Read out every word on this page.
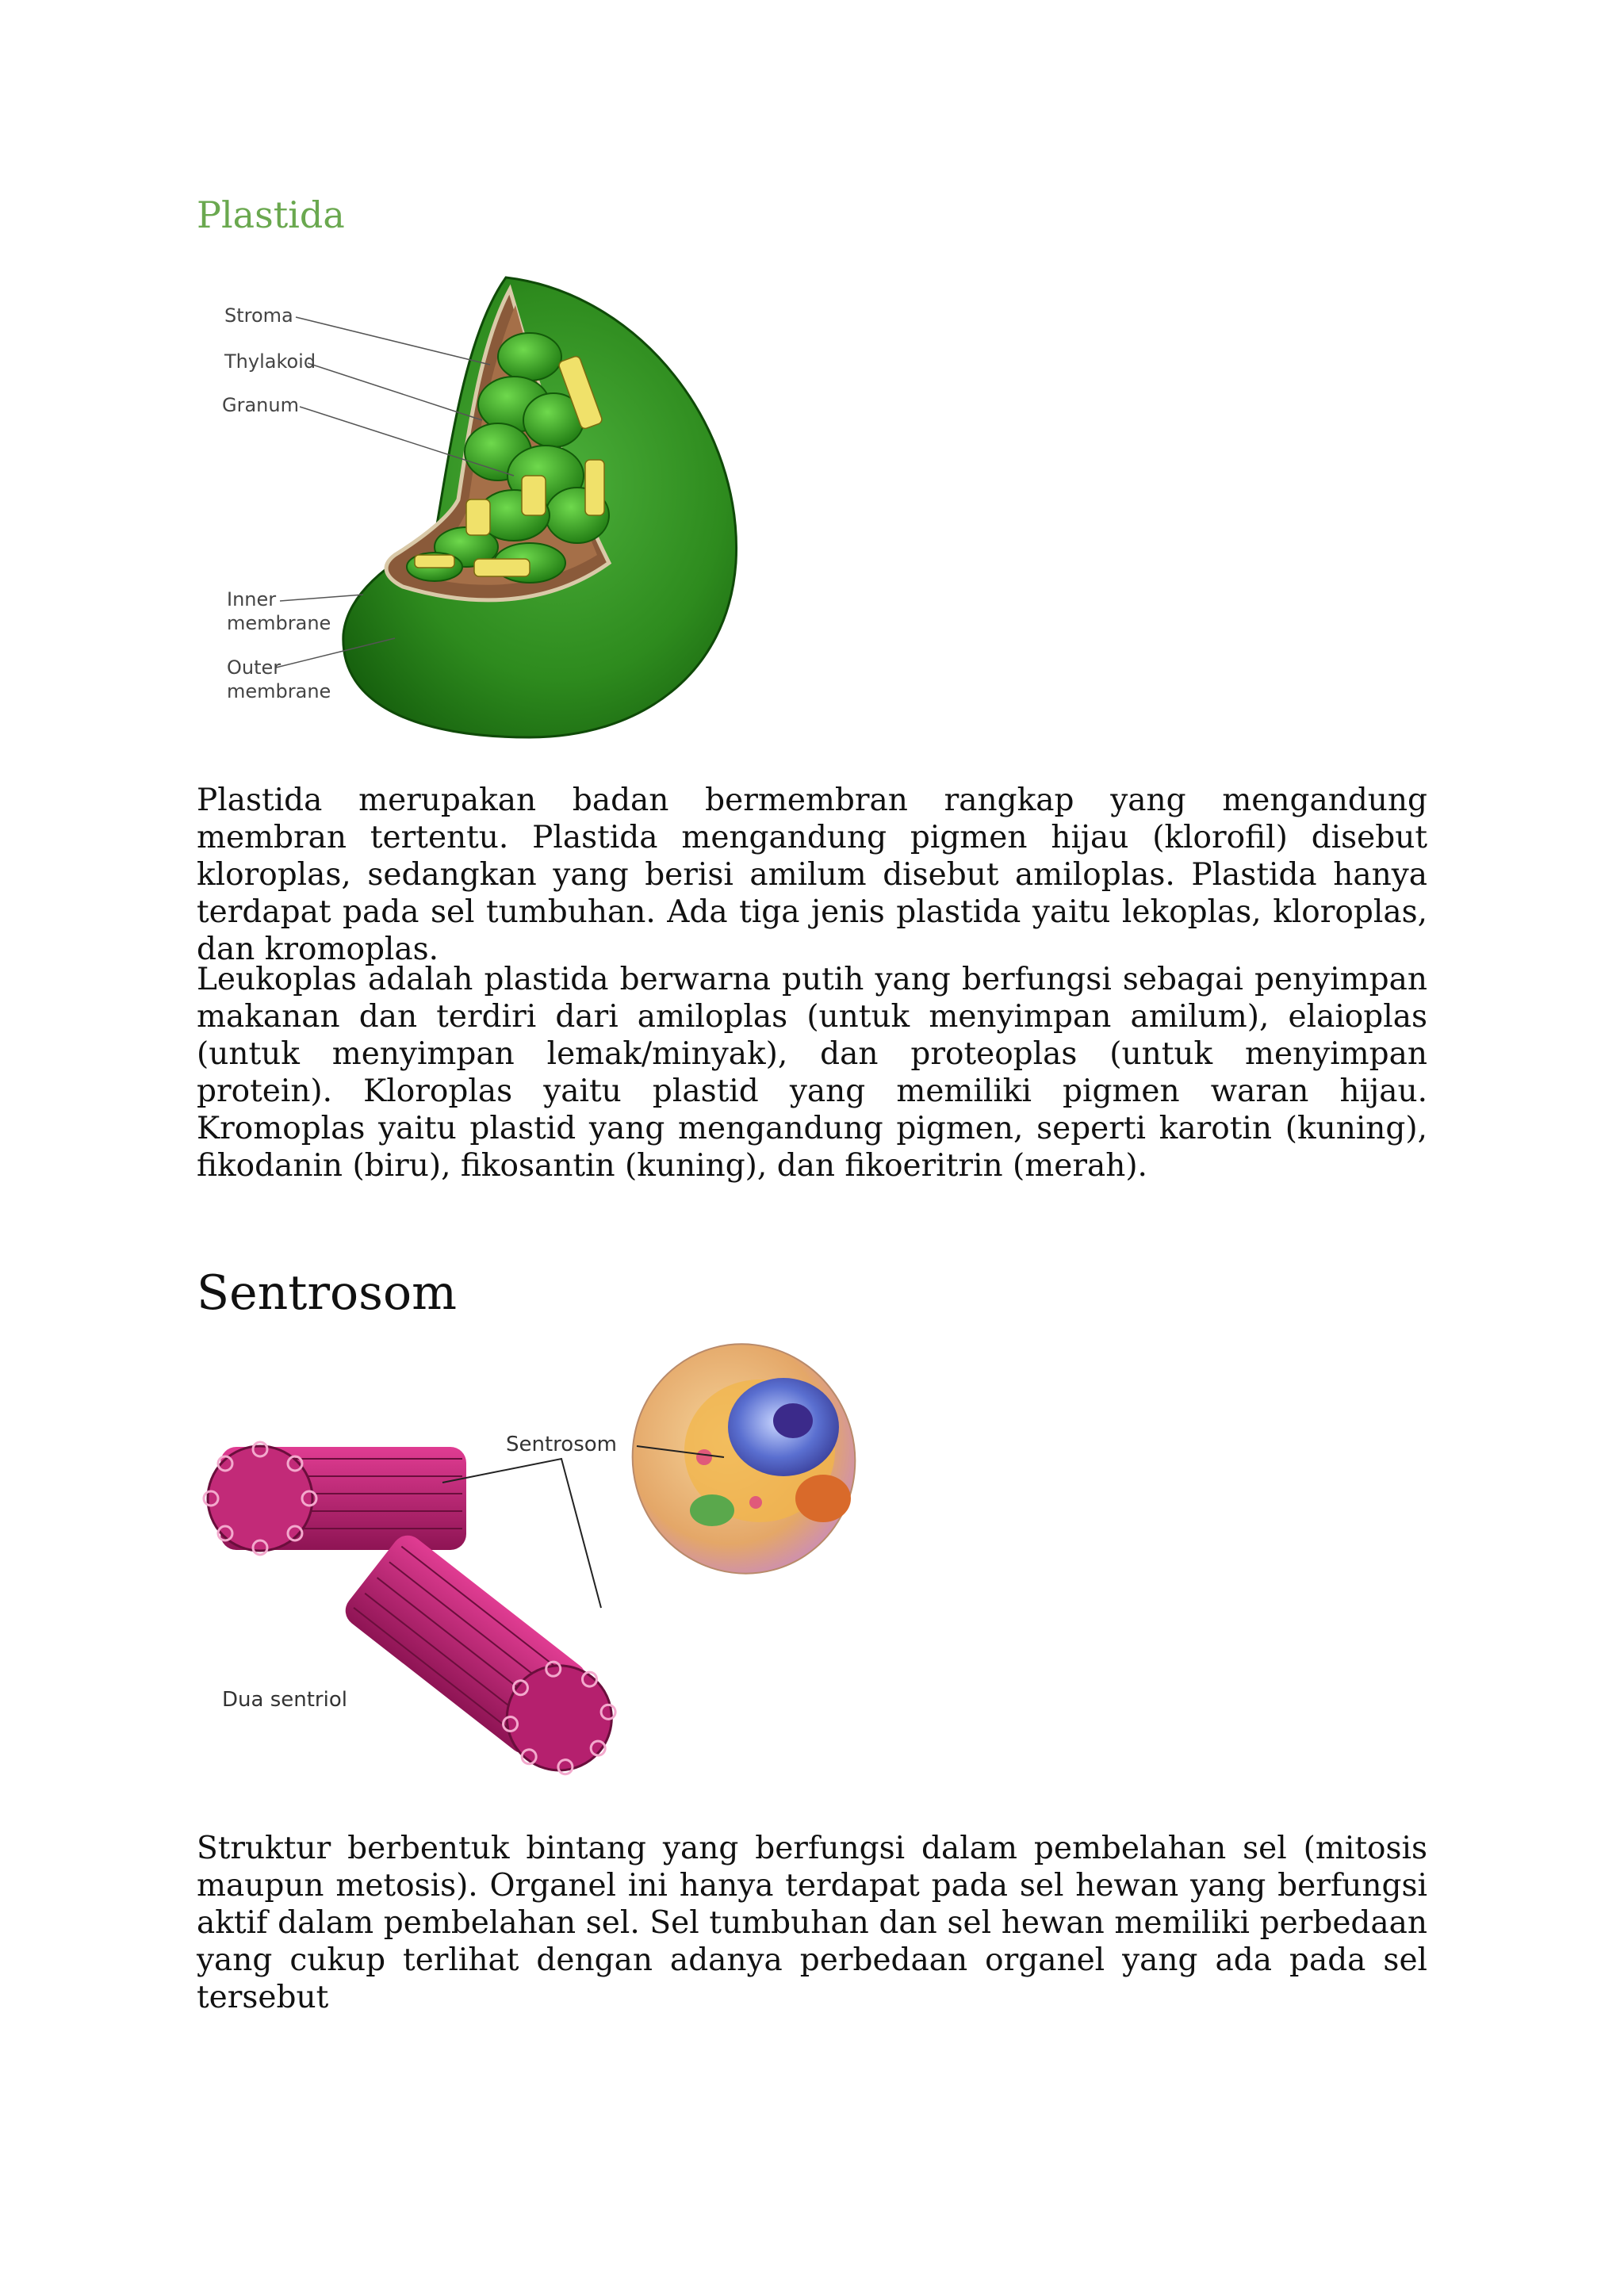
Plastida
Stroma
Thylakoid
Granum
Inner
membrane
Outer
membrane

Plastida merupakan badan bermembran rangkap yang mengandung membran tertentu. Plastida mengandung pigmen hijau (klorofil) disebut kloroplas, sedangkan yang berisi amilum disebut amiloplas. Plastida hanya terdapat pada sel tumbuhan. Ada tiga jenis plastida yaitu lekoplas, kloroplas, dan kromoplas.

Leukoplas adalah plastida berwarna putih yang berfungsi sebagai penyimpan makanan dan terdiri dari amiloplas (untuk menyimpan amilum), elaioplas (untuk menyimpan lemak/minyak), dan proteoplas (untuk menyimpan protein). Kloroplas yaitu plastid yang memiliki pigmen waran hijau. Kromoplas yaitu plastid yang mengandung pigmen, seperti karotin (kuning), fikodanin (biru), fikosantin (kuning), dan fikoeritrin (merah).

Sentrosom
Sentrosom
Dua sentriol

Struktur berbentuk bintang yang berfungsi dalam pembelahan sel (mitosis maupun metosis). Organel ini hanya terdapat pada sel hewan yang berfungsi aktif dalam pembelahan sel. Sel tumbuhan dan sel hewan memiliki perbedaan yang cukup terlihat dengan adanya perbedaan organel yang ada pada sel tersebut
